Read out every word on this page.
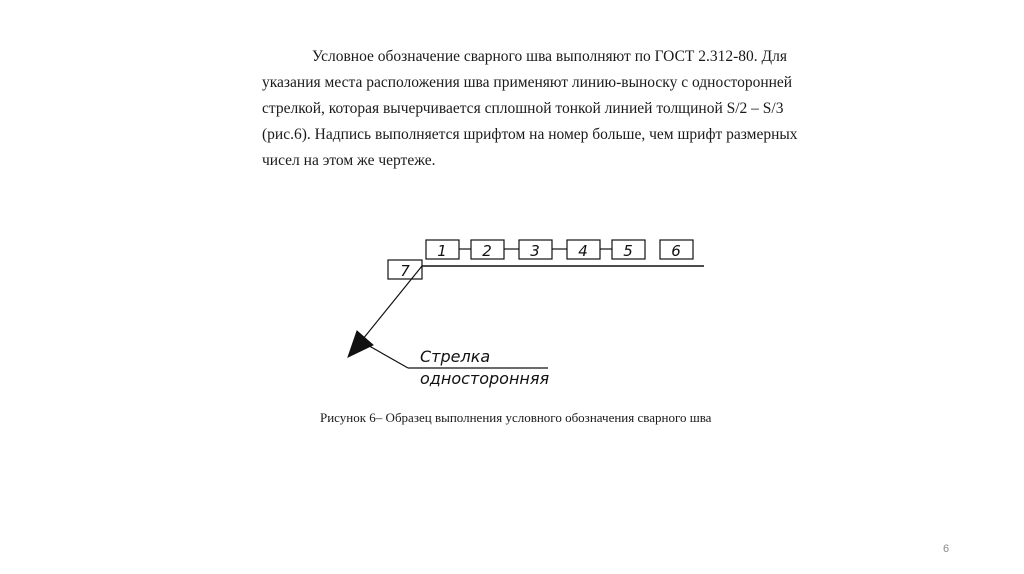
Условное обозначение сварного шва выполняют по ГОСТ 2.312-80. Для
указания места расположения шва применяют линию-выноску с односторонней
стрелкой, которая вычерчивается сплошной тонкой линией толщиной S/2 – S/3
(рис.6). Надпись выполняется шрифтом на номер больше, чем шрифт размерных
чисел на этом же чертеже.
1 2	3	4 5	6
7
Стрелка
односторонняя
Рисунок 6– Образец выполнения условного обозначения сварного шва
6
